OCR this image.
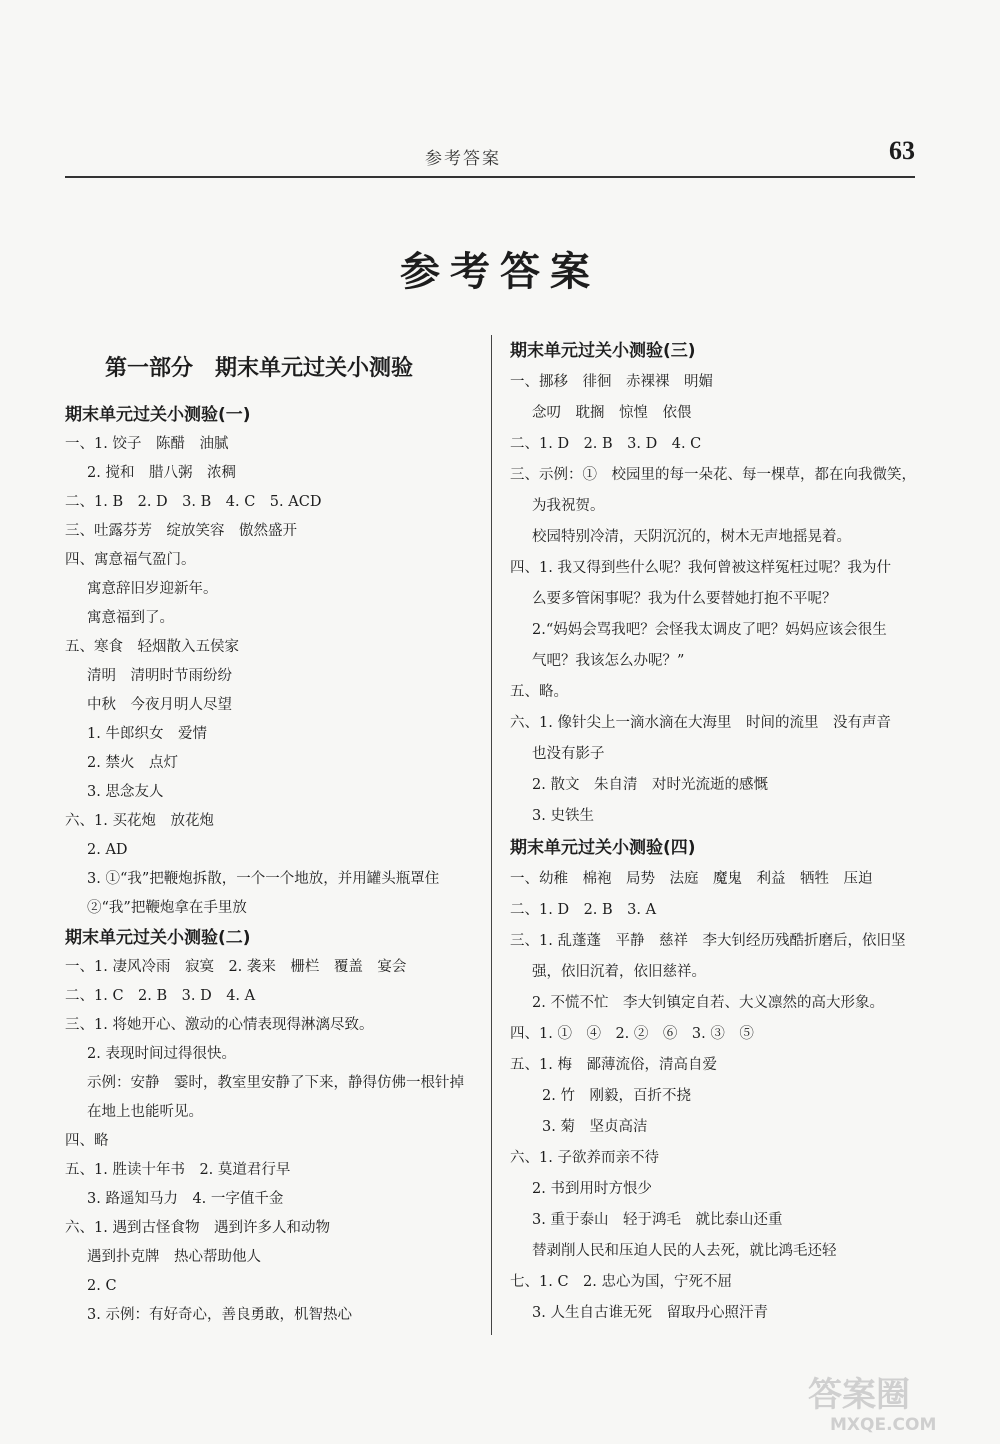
参考答案	63
参考答案
第一部分　期末单元过关小测验
期末单元过关小测验(一)
一、1. 饺子　陈醋　油腻
2. 搅和　腊八粥　浓稠
二、1. B　2. D　3. B　4. C　5. ACD
三、吐露芬芳　绽放笑容　傲然盛开
四、寓意福气盈门。
寓意辞旧岁迎新年。
寓意福到了。
五、寒食　轻烟散入五侯家
清明　清明时节雨纷纷
中秋　今夜月明人尽望
1. 牛郎织女　爱情
2. 禁火　点灯
3. 思念友人
六、1. 买花炮　放花炮
2. AD
3. ①“我”把鞭炮拆散，一个一个地放，并用罐头瓶罩住
②“我”把鞭炮拿在手里放
期末单元过关小测验(二)
一、1. 凄风冷雨　寂寞　2. 袭来　栅栏　覆盖　宴会
二、1. C　2. B　3. D　4. A
三、1. 将她开心、激动的心情表现得淋漓尽致。
2. 表现时间过得很快。
示例：安静　霎时，教室里安静了下来，静得仿佛一根针掉
在地上也能听见。
四、略
五、1. 胜读十年书　2. 莫道君行早
3. 路遥知马力　4. 一字值千金
六、1. 遇到古怪食物　遇到许多人和动物
遇到扑克牌　热心帮助他人
2. C
3. 示例：有好奇心，善良勇敢，机智热心
期末单元过关小测验(三)
一、挪移　徘徊　赤裸裸　明媚
念叨　耽搁　惊惶　依偎
二、1. D　2. B　3. D　4. C
三、示例：①　校园里的每一朵花、每一棵草，都在向我微笑，
为我祝贺。
校园特别冷清，天阴沉沉的，树木无声地摇晃着。
四、1. 我又得到些什么呢？我何曾被这样冤枉过呢？我为什
么要多管闲事呢？我为什么要替她打抱不平呢？
2.“妈妈会骂我吧？会怪我太调皮了吧？妈妈应该会很生
气吧？我该怎么办呢？”
五、略。
六、1. 像针尖上一滴水滴在大海里　时间的流里　没有声音
也没有影子
2. 散文　朱自清　对时光流逝的感慨
3. 史铁生
期末单元过关小测验(四)
一、幼稚　棉袍　局势　法庭　魔鬼　利益　牺牲　压迫
二、1. D　2. B　3. A
三、1. 乱蓬蓬　平静　慈祥　李大钊经历残酷折磨后，依旧坚
强，依旧沉着，依旧慈祥。
2. 不慌不忙　李大钊镇定自若、大义凛然的高大形象。
四、1. ①　④　2. ②　⑥　3. ③　⑤
五、1. 梅　鄙薄流俗，清高自爱
2. 竹　刚毅，百折不挠
3. 菊　坚贞高洁
六、1. 子欲养而亲不待
2. 书到用时方恨少
3. 重于泰山　轻于鸿毛　就比泰山还重
替剥削人民和压迫人民的人去死，就比鸿毛还轻
七、1. C　2. 忠心为国，宁死不屈
3. 人生自古谁无死　留取丹心照汗青
答案圈
MXQE.COM
